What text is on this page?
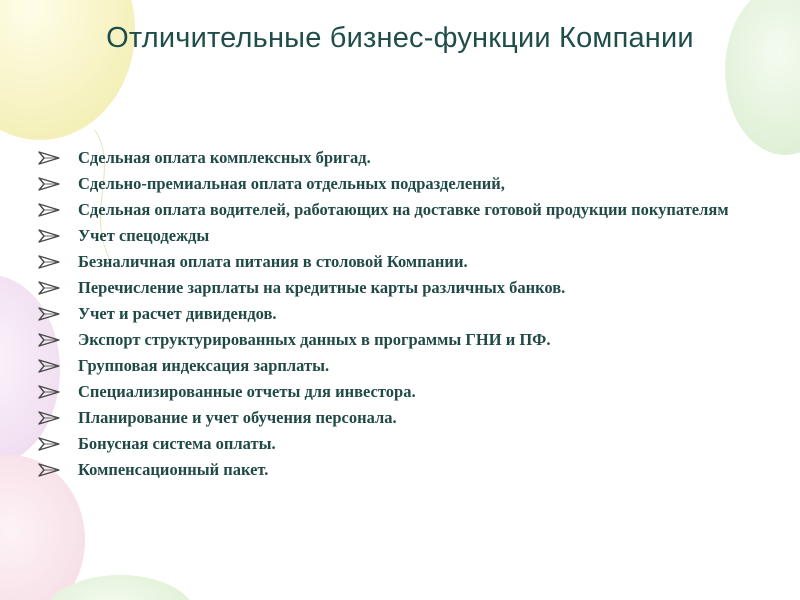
Отличительные бизнес-функции Компании
Сдельная оплата комплексных бригад.
Сдельно-премиальная оплата отдельных подразделений,
Сдельная оплата водителей, работающих на доставке готовой продукции покупателям
Учет спецодежды
Безналичная оплата питания в столовой Компании.
Перечисление зарплаты на кредитные карты различных банков.
Учет и расчет дивидендов.
Экспорт структурированных данных в программы ГНИ и ПФ.
Групповая индексация зарплаты.
Специализированные отчеты для инвестора.
Планирование и учет обучения персонала.
Бонусная система оплаты.
Компенсационный пакет.
